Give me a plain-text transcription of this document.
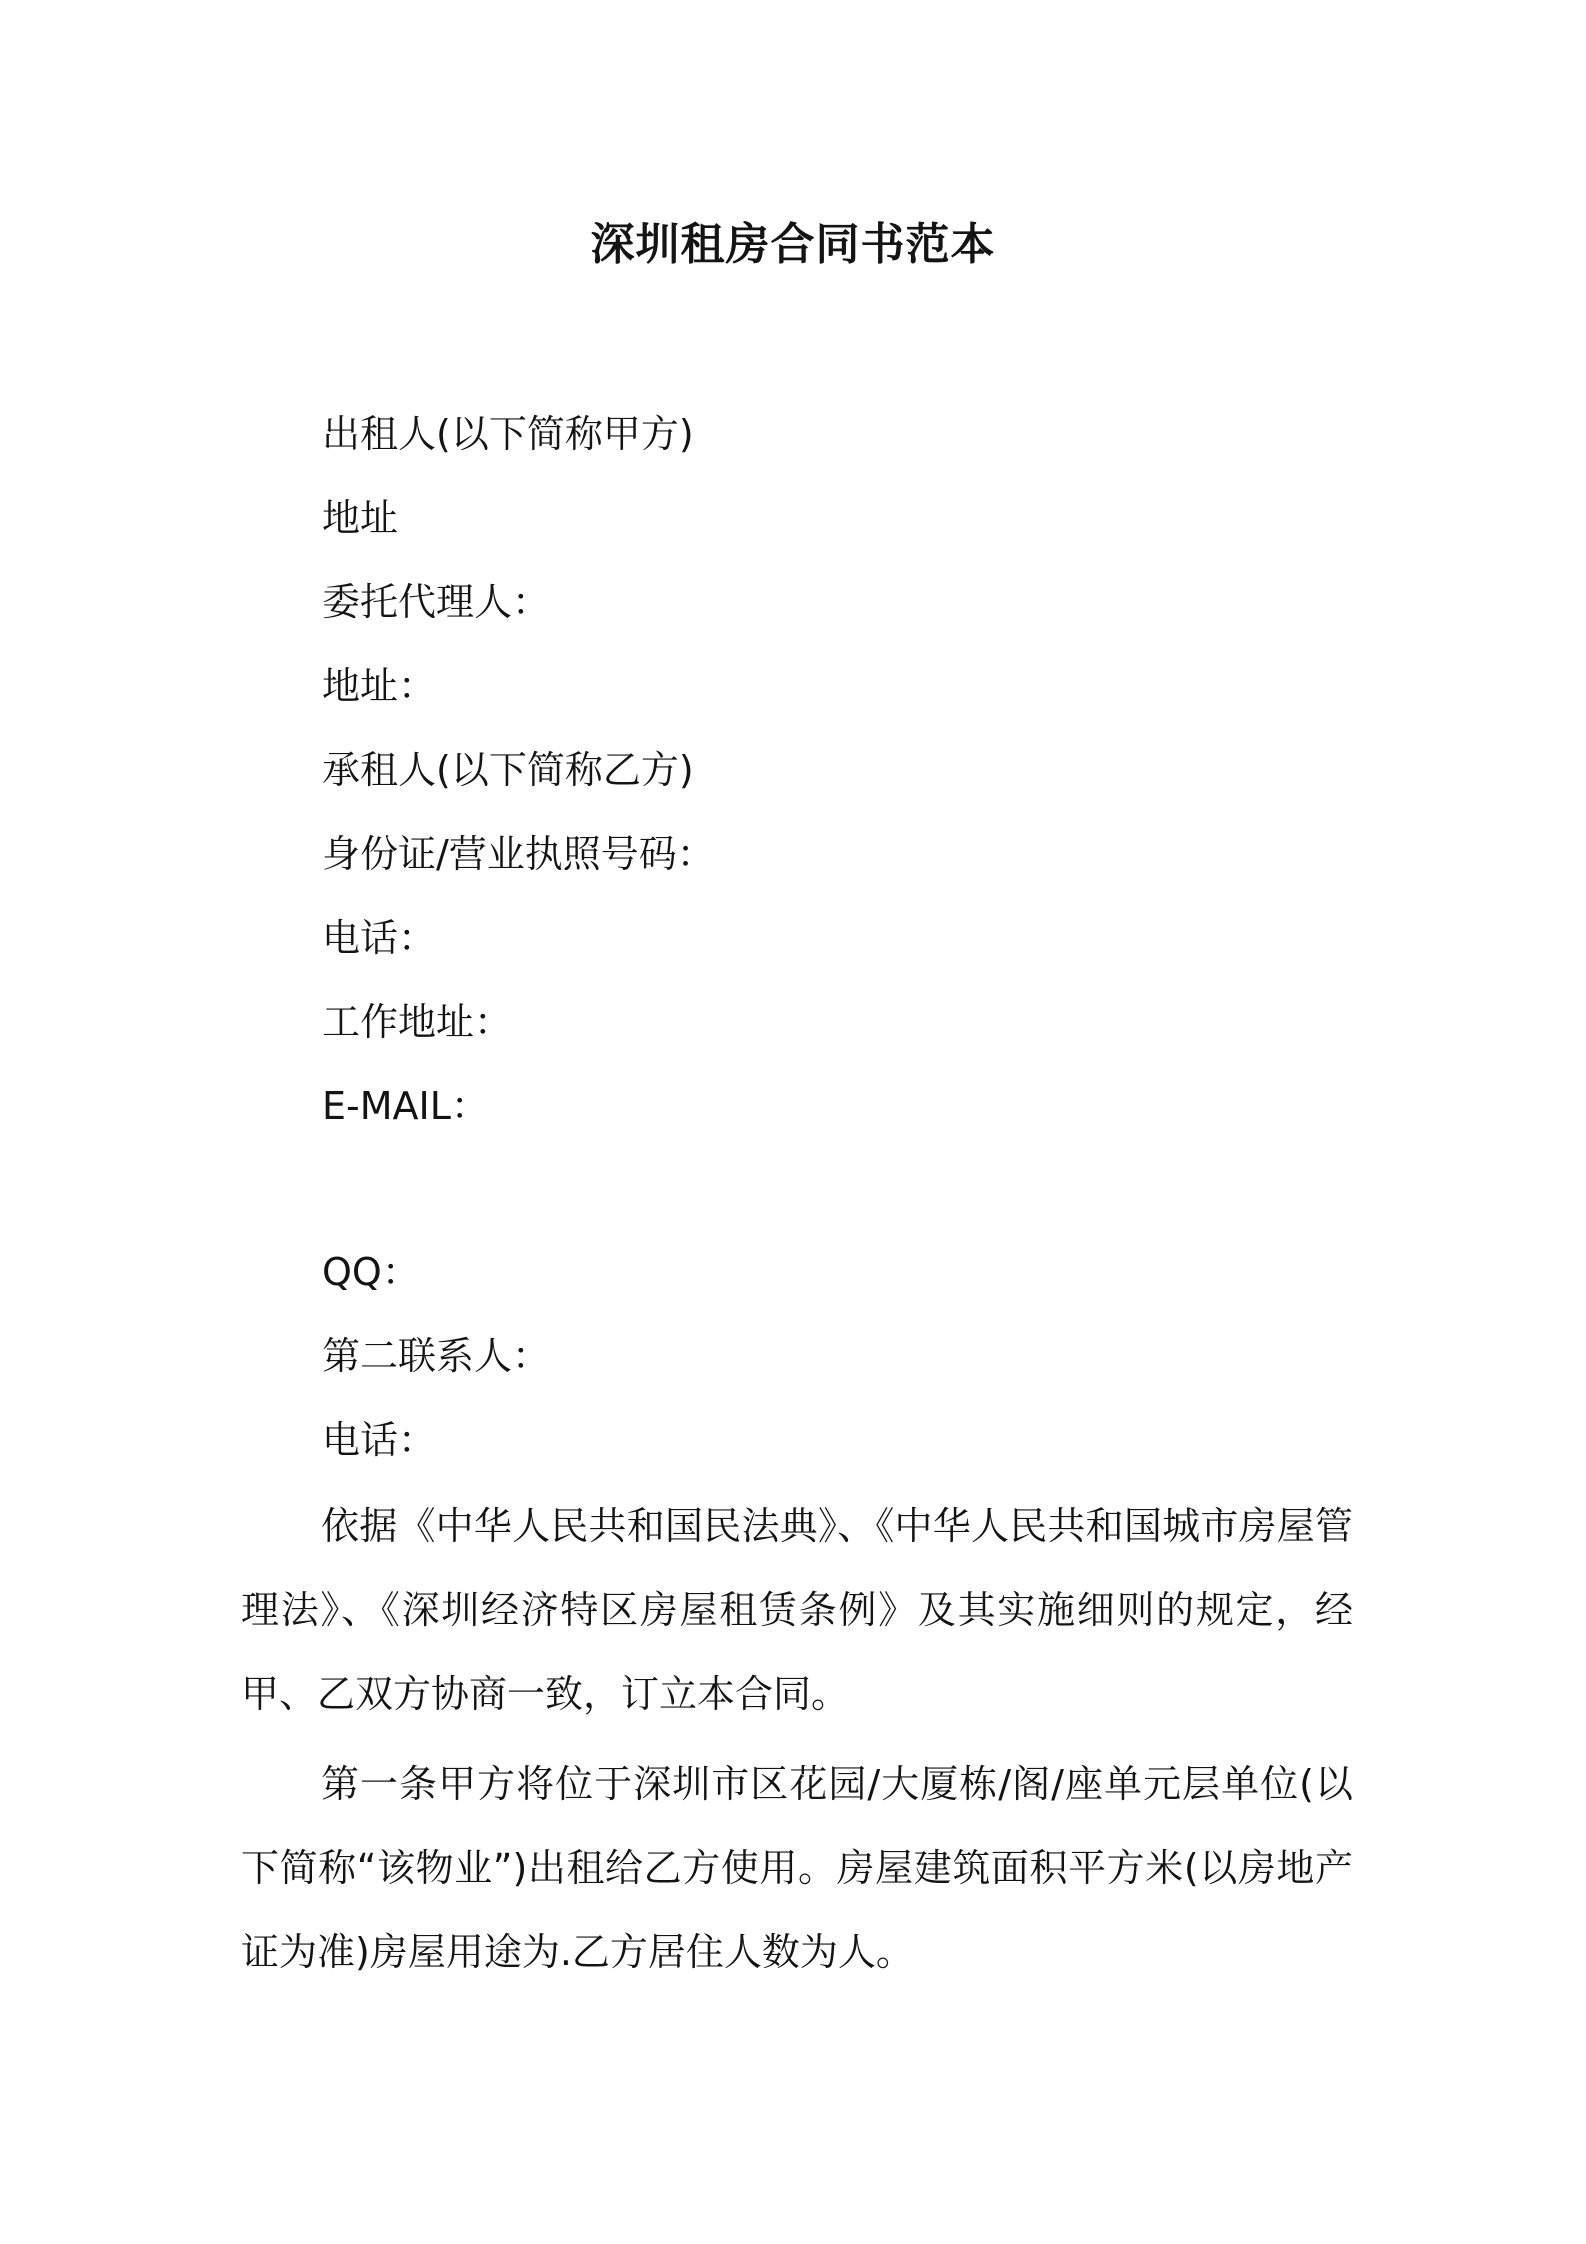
深圳租房合同书范本
出租人(以下简称甲方)
地址
委托代理人：
地址：
承租人(以下简称乙方)
身份证/营业执照号码：
电话：
工作地址：
E-MAIL：
QQ：
第二联系人：
电话：

依据《中华人民共和国民法典》、《中华人民共和国城市房屋管理法》、《深圳经济特区房屋租赁条例》及其实施细则的规定，经甲、乙双方协商一致，订立本合同。

第一条甲方将位于深圳市区花园/大厦栋/阁/座单元层单位(以下简称“该物业”)出租给乙方使用。房屋建筑面积平方米(以房地产证为准)房屋用途为.乙方居住人数为人。
